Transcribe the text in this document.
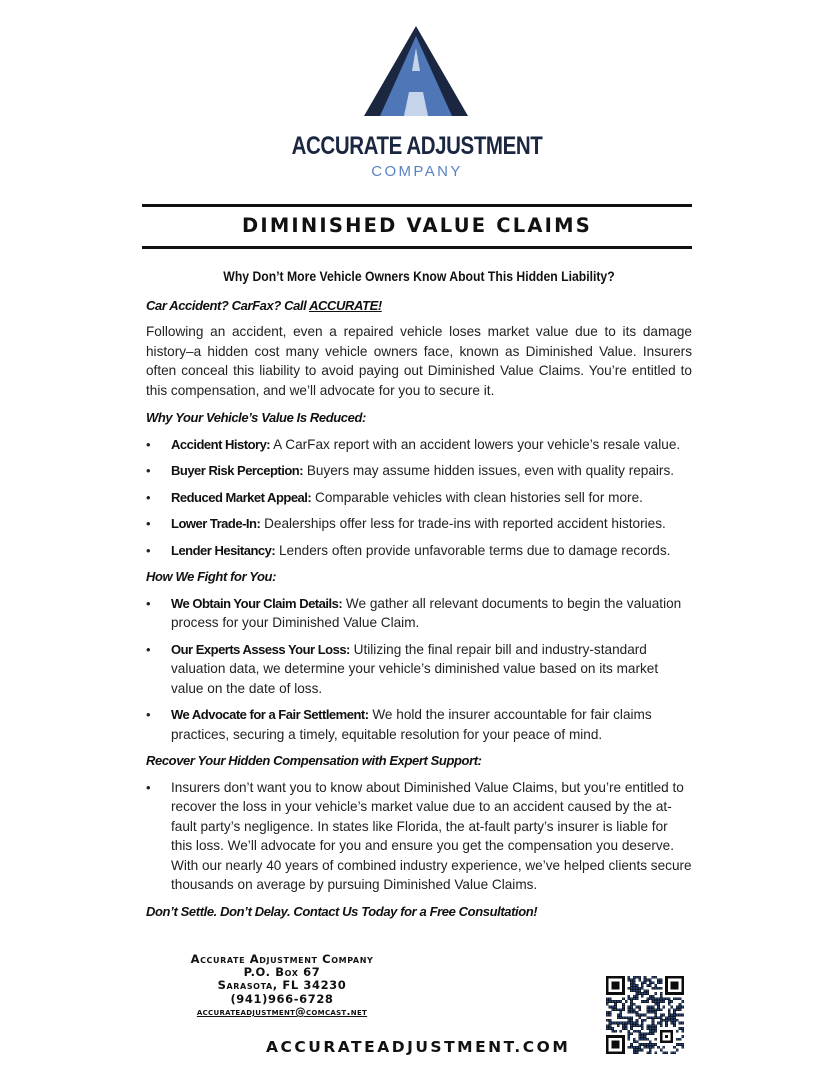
ACCURATE ADJUSTMENT
COMPANY
DIMINISHED VALUE CLAIMS
Why Don’t More Vehicle Owners Know About This Hidden Liability?
Car Accident? CarFax? Call ACCURATE!

Following an accident, even a repaired vehicle loses market value due to its damage history–a hidden cost many vehicle owners face, known as Diminished Value. Insurers often conceal this liability to avoid paying out Diminished Value Claims. You’re entitled to this compensation, and we’ll advocate for you to secure it.

Why Your Vehicle’s Value Is Reduced:
• Accident History: A CarFax report with an accident lowers your vehicle’s resale value.
• Buyer Risk Perception: Buyers may assume hidden issues, even with quality repairs.
• Reduced Market Appeal: Comparable vehicles with clean histories sell for more.
• Lower Trade-In: Dealerships offer less for trade-ins with reported accident histories.
• Lender Hesitancy: Lenders often provide unfavorable terms due to damage records.
How We Fight for You:
• We Obtain Your Claim Details: We gather all relevant documents to begin the valuation process for your Diminished Value Claim.
• Our Experts Assess Your Loss: Utilizing the final repair bill and industry-standard valuation data, we determine your vehicle’s diminished value based on its market value on the date of loss.
• We Advocate for a Fair Settlement: We hold the insurer accountable for fair claims practices, securing a timely, equitable resolution for your peace of mind.
Recover Your Hidden Compensation with Expert Support:
• Insurers don’t want you to know about Diminished Value Claims, but you’re entitled to recover the loss in your vehicle’s market value due to an accident caused by the at-fault party’s negligence. In states like Florida, the at-fault party’s insurer is liable for this loss. We’ll advocate for you and ensure you get the compensation you deserve. With our nearly 40 years of combined industry experience, we’ve helped clients secure thousands on average by pursuing Diminished Value Claims.
Don’t Settle. Don’t Delay. Contact Us Today for a Free Consultation!
Accurate Adjustment Company
P.O. Box 67
Sarasota, FL 34230
(941)966-6728
accurateadjustment@comcast.net
ACCURATEADJUSTMENT.COM
